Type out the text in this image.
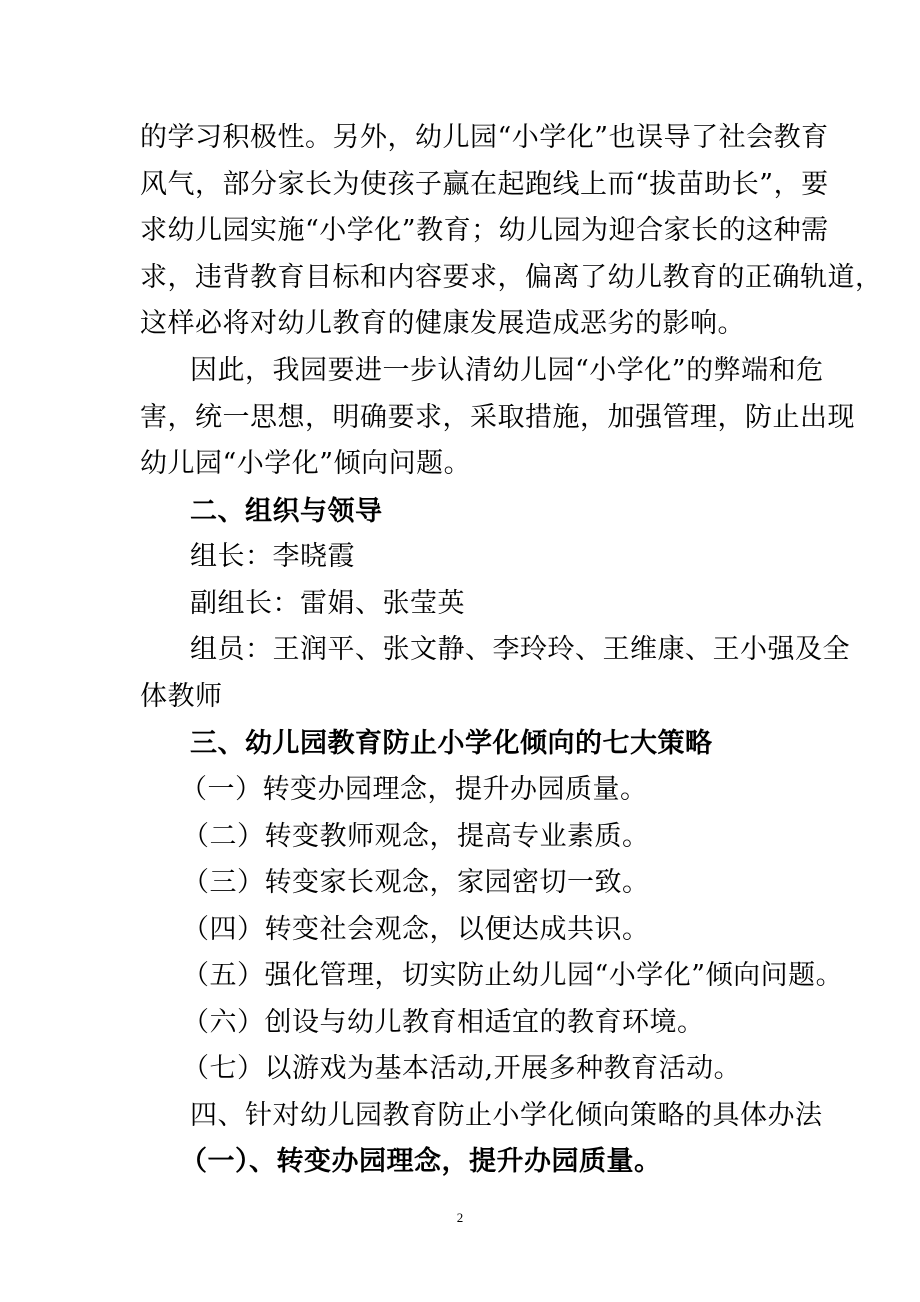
的学习积极性。另外，幼儿园“小学化”也误导了社会教育
风气，部分家长为使孩子赢在起跑线上而“拔苗助长”，要
求幼儿园实施“小学化”教育；幼儿园为迎合家长的这种需
求，违背教育目标和内容要求，偏离了幼儿教育的正确轨道，
这样必将对幼儿教育的健康发展造成恶劣的影响。
因此，我园要进一步认清幼儿园“小学化”的弊端和危
害，统一思想，明确要求，采取措施，加强管理，防止出现
幼儿园“小学化”倾向问题。
二、组织与领导
组长：李晓霞
副组长：雷娟、张莹英
组员：王润平、张文静、李玲玲、王维康、王小强及全
体教师
三、幼儿园教育防止小学化倾向的七大策略
（一）转变办园理念，提升办园质量。
（二）转变教师观念，提高专业素质。
（三）转变家长观念，家园密切一致。
（四）转变社会观念，以便达成共识。
（五）强化管理，切实防止幼儿园“小学化”倾向问题。
（六）创设与幼儿教育相适宜的教育环境。
（七）以游戏为基本活动,开展多种教育活动。
四、针对幼儿园教育防止小学化倾向策略的具体办法
（一）、转变办园理念，提升办园质量。
2
